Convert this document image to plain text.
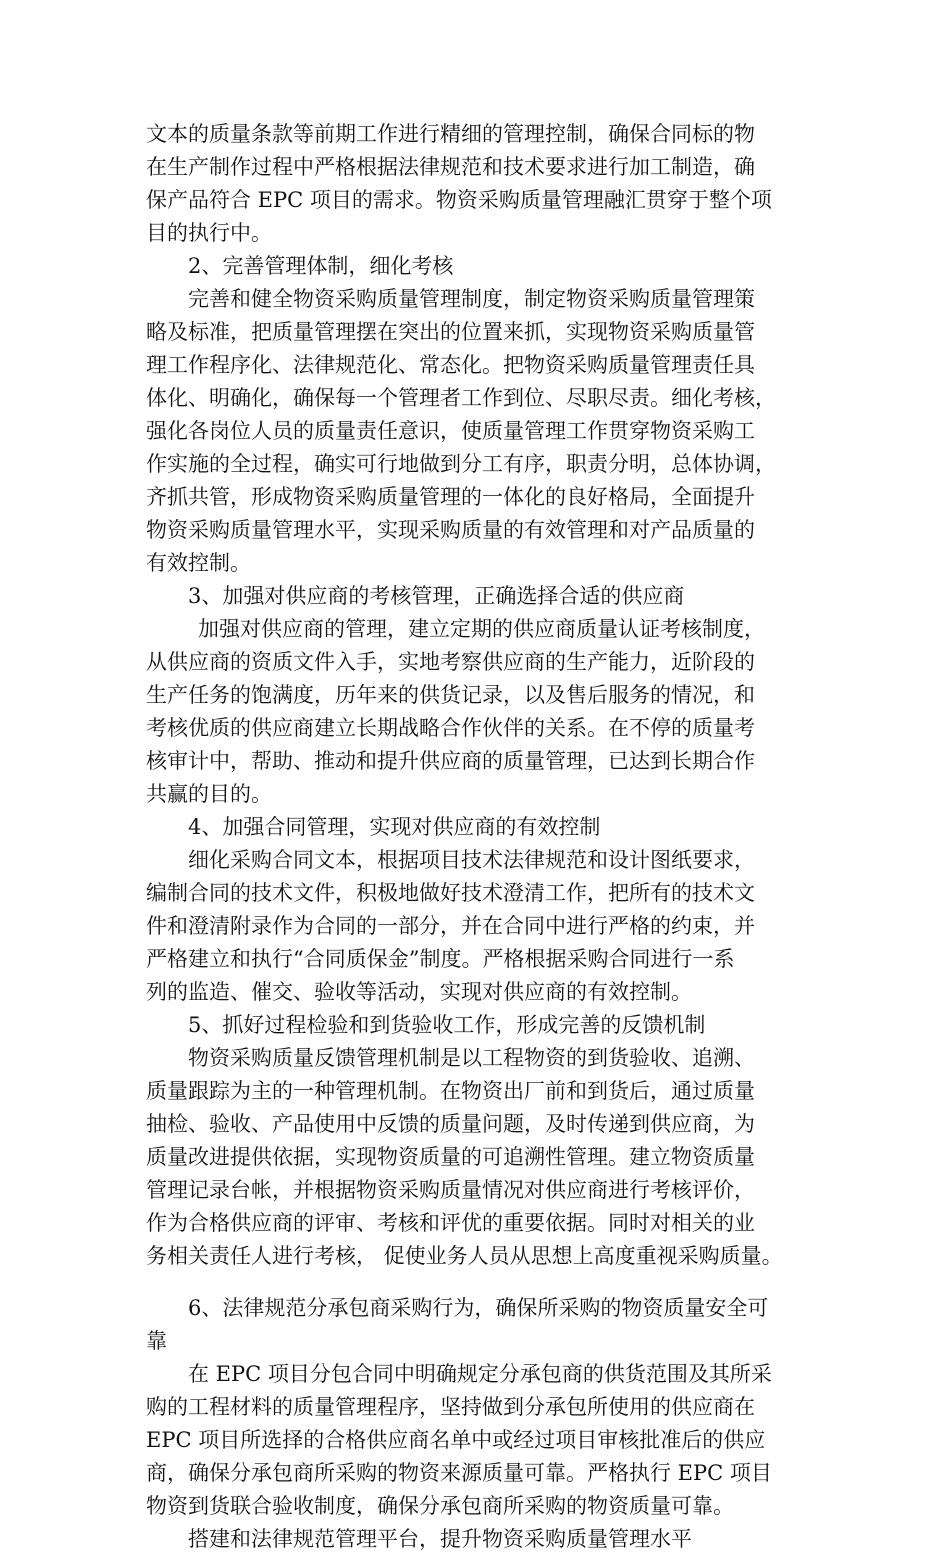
文本的质量条款等前期工作进行精细的管理控制，确保合同标的物
在生产制作过程中严格根据法律规范和技术要求进行加工制造，确
保产品符合 EPC 项目的需求。物资采购质量管理融汇贯穿于整个项
目的执行中。
2、完善管理体制，细化考核
完善和健全物资采购质量管理制度，制定物资采购质量管理策
略及标准，把质量管理摆在突出的位置来抓，实现物资采购质量管
理工作程序化、法律规范化、常态化。把物资采购质量管理责任具
体化、明确化，确保每一个管理者工作到位、尽职尽责。细化考核，
强化各岗位人员的质量责任意识，使质量管理工作贯穿物资采购工
作实施的全过程，确实可行地做到分工有序，职责分明，总体协调，
齐抓共管，形成物资采购质量管理的一体化的良好格局，全面提升
物资采购质量管理水平，实现采购质量的有效管理和对产品质量的
有效控制。
3、加强对供应商的考核管理，正确选择合适的供应商
加强对供应商的管理，建立定期的供应商质量认证考核制度，
从供应商的资质文件入手，实地考察供应商的生产能力，近阶段的
生产任务的饱满度，历年来的供货记录，以及售后服务的情况，和
考核优质的供应商建立长期战略合作伙伴的关系。在不停的质量考
核审计中，帮助、推动和提升供应商的质量管理，已达到长期合作
共赢的目的。
4、加强合同管理，实现对供应商的有效控制
细化采购合同文本，根据项目技术法律规范和设计图纸要求，
编制合同的技术文件，积极地做好技术澄清工作，把所有的技术文
件和澄清附录作为合同的一部分，并在合同中进行严格的约束，并
严格建立和执行“合同质保金”制度。严格根据采购合同进行一系
列的监造、催交、验收等活动，实现对供应商的有效控制。
5、抓好过程检验和到货验收工作，形成完善的反馈机制
物资采购质量反馈管理机制是以工程物资的到货验收、追溯、
质量跟踪为主的一种管理机制。在物资出厂前和到货后，通过质量
抽检、验收、产品使用中反馈的质量问题，及时传递到供应商，为
质量改进提供依据，实现物资质量的可追溯性管理。建立物资质量
管理记录台帐，并根据物资采购质量情况对供应商进行考核评价，
作为合格供应商的评审、考核和评优的重要依据。同时对相关的业
务相关责任人进行考核， 促使业务人员从思想上高度重视采购质量。
6、法律规范分承包商采购行为，确保所采购的物资质量安全可
靠
在 EPC 项目分包合同中明确规定分承包商的供货范围及其所采
购的工程材料的质量管理程序，坚持做到分承包所使用的供应商在
EPC 项目所选择的合格供应商名单中或经过项目审核批准后的供应
商，确保分承包商所采购的物资来源质量可靠。严格执行 EPC 项目
物资到货联合验收制度，确保分承包商所采购的物资质量可靠。
搭建和法律规范管理平台，提升物资采购质量管理水平
